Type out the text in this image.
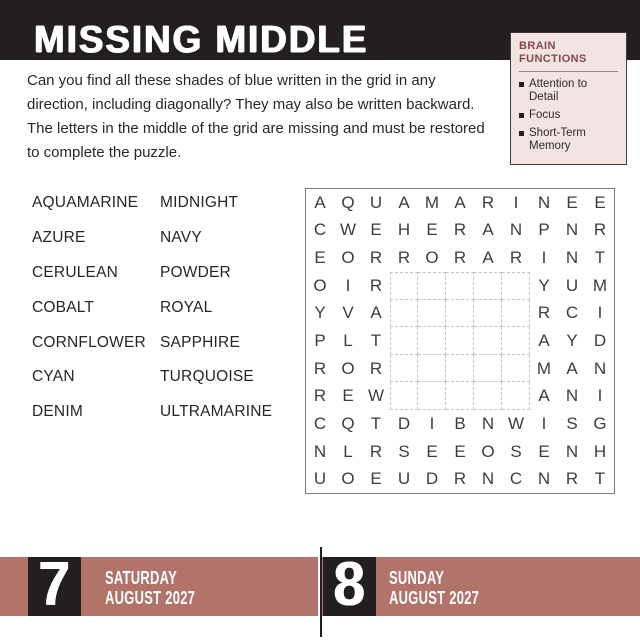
MISSING MIDDLE	BRAIN FUNCTIONS
Attention to Detail
Focus
Short-Term Memory
Can you find all these shades of blue written in the grid in any
direction, including diagonally? They may also be written backward.
The letters in the middle of the grid are missing and must be restored
to complete the puzzle.
AQUAMARINE
AZURE
CERULEAN
COBALT
CORNFLOWER
CYAN
DENIM
MIDNIGHT
NAVY
POWDER
ROYAL
SAPPHIRE
TURQUOISE
ULTRAMARINE
A Q U A M A R	I	N E E
C W E H E R A N P N R
E O R R O R A R	I	N T
O	I	R	Y U M
Y V A	R C	I
P	L	T	A Y D
R O R	M A N
R E W	A N	I
C Q T D	I	B N W	I	S G
N	L	R S E E O S E N H
U O E U D R N C N R T
7 SATURDAY
AUGUST 2027 8 SUNDAY
AUGUST 2027
